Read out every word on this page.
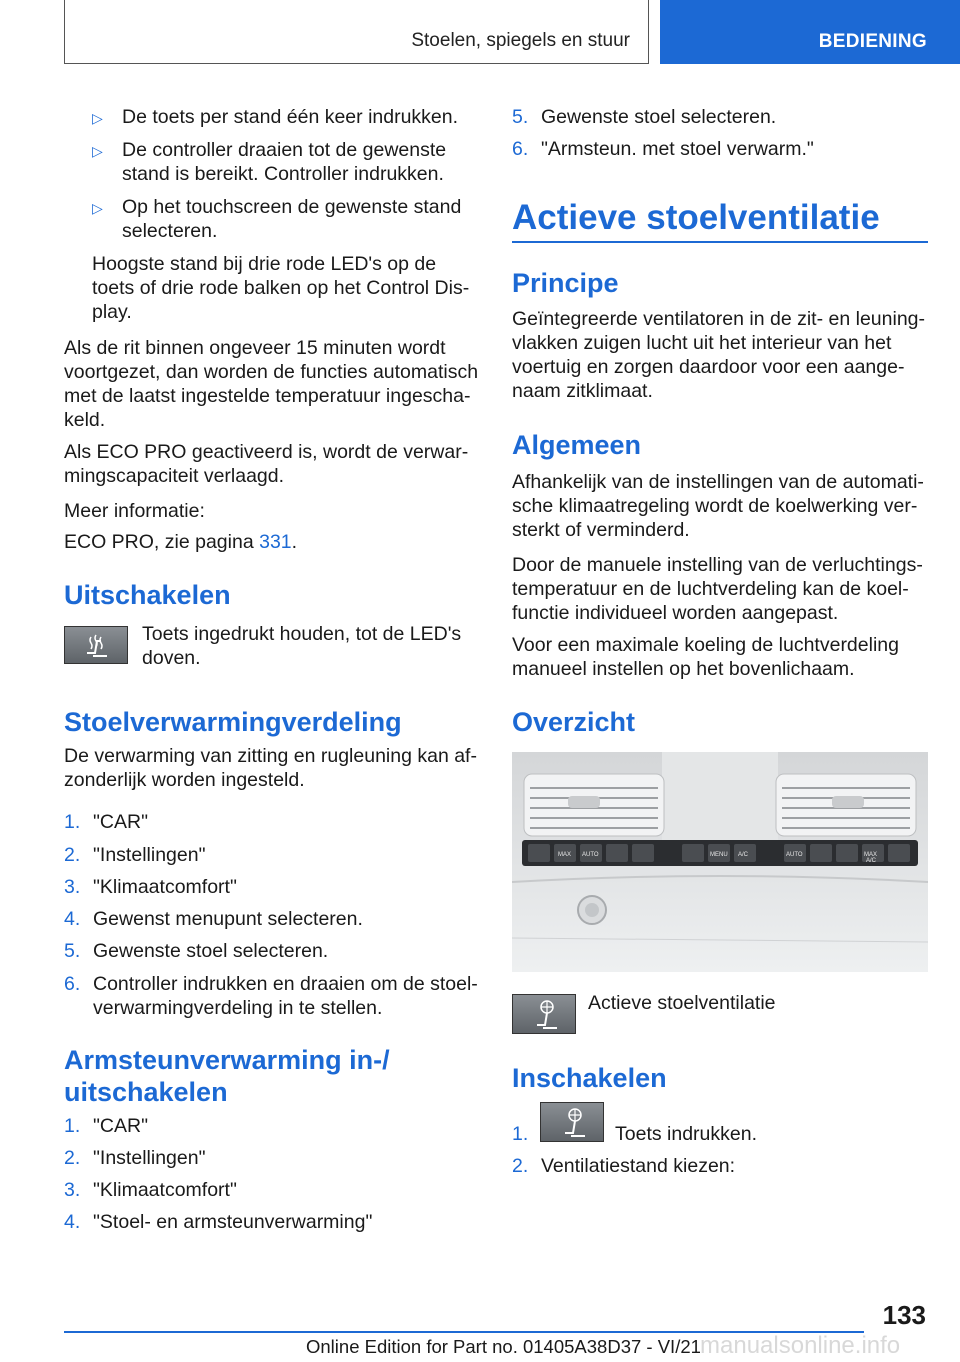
Stoelen, spiegels en stuur	BEDIENING
▷ De toets per stand één keer indrukken.
▷ De controller draaien tot de gewenste
stand is bereikt. Controller indrukken.
▷ Op het touchscreen de gewenste stand
selecteren.
Hoogste stand bij drie rode LED's op de
toets of drie rode balken op het Control Dis-
play.
Als de rit binnen ongeveer 15 minuten wordt
voortgezet, dan worden de functies automatisch
met de laatst ingestelde temperatuur ingescha-
keld.
Als ECO PRO geactiveerd is, wordt de verwar-
mingscapaciteit verlaagd.
Meer informatie:
ECO PRO, zie pagina 331.
Uitschakelen
Toets ingedrukt houden, tot de LED's
doven.
Stoelverwarmingverdeling
De verwarming van zitting en rugleuning kan af-
zonderlijk worden ingesteld.
1. "CAR"
2. "Instellingen"
3. "Klimaatcomfort"
4. Gewenst menupunt selecteren.
5. Gewenste stoel selecteren.
6. Controller indrukken en draaien om de stoel-
verwarmingverdeling in te stellen.
Armsteunverwarming in-/
uitschakelen
1. "CAR"
2. "Instellingen"
3. "Klimaatcomfort"
4. "Stoel- en armsteunverwarming"
5. Gewenste stoel selecteren.
6. "Armsteun. met stoel verwarm."
Actieve stoelventilatie
Principe
Geïntegreerde ventilatoren in de zit- en leuning-
vlakken zuigen lucht uit het interieur van het
voertuig en zorgen daardoor voor een aange-
naam zitklimaat.
Algemeen
Afhankelijk van de instellingen van de automati-
sche klimaatregeling wordt de koelwerking ver-
sterkt of verminderd.
Door de manuele instelling van de verluchtings-
temperatuur en de luchtverdeling kan de koel-
functie individueel worden aangepast.
Voor een maximale koeling de luchtverdeling
manueel instellen op het bovenlichaam.
Overzicht
MAX AUTO	MENU A/C	AUTO	MAX
A/C
Actieve stoelventilatie
Inschakelen
1.	Toets indrukken.
2. Ventilatiestand kiezen:
133
Online Edition for Part no. 01405A38D37 - VI/21 manualsonline.info
